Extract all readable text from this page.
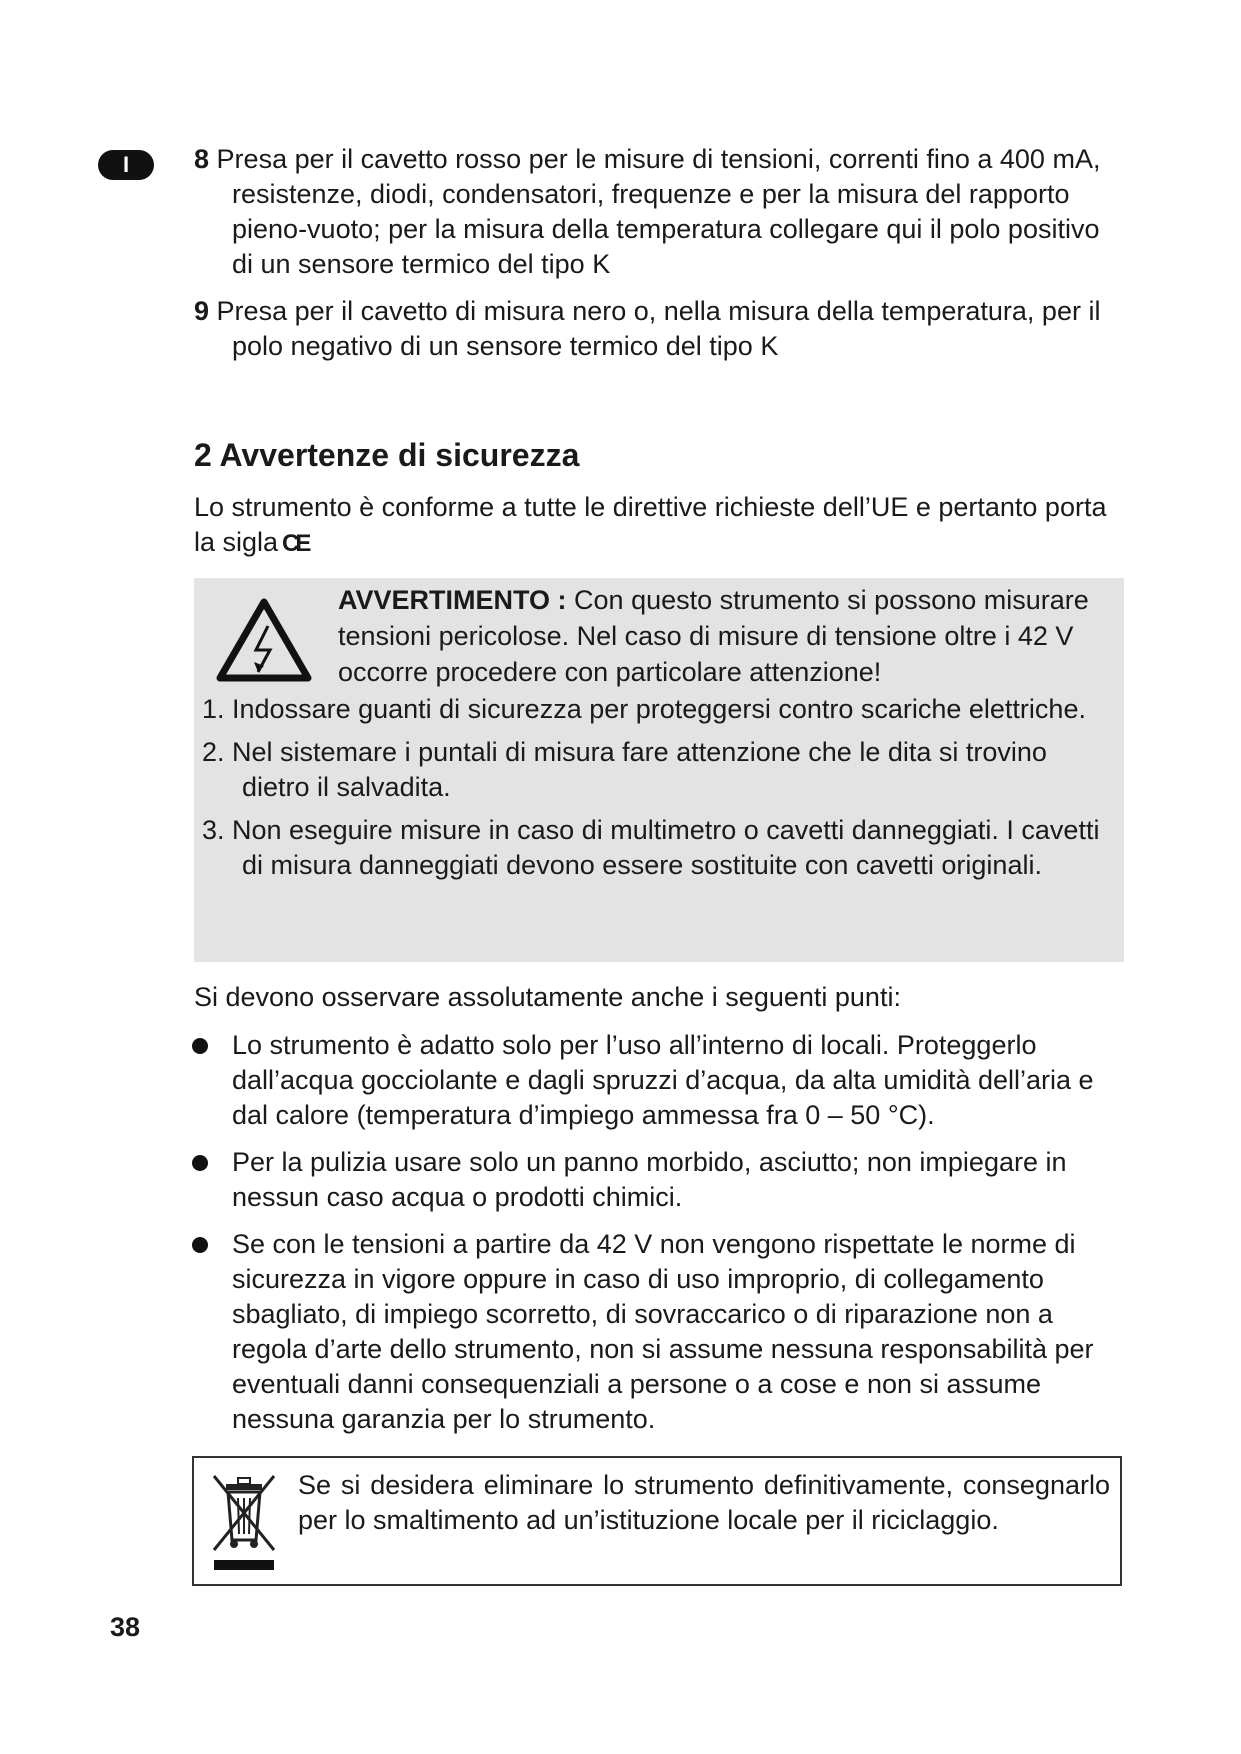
I	8 Presa per il cavetto rosso per le misure di tensioni, correnti fino a 400 mA, resistenze, diodi, condensatori, frequenze e per la misura del rapporto pieno-vuoto; per la misura della temperatura collegare qui il polo positivo di un sensore termico del tipo K

9 Presa per il cavetto di misura nero o, nella misura della temperatura, per il polo negativo di un sensore termico del tipo K

2 Avvertenze di sicurezza

Lo strumento è conforme a tutte le direttive richieste dell’UE e pertanto porta la sigla CE

AVVERTIMENTO : Con questo strumento si possono misurare tensioni pericolose. Nel caso di misure di tensione oltre i 42 V occorre procedere con particolare attenzione!

1. Indossare guanti di sicurezza per proteggersi contro scariche elettriche.
2. Nel sistemare i puntali di misura fare attenzione che le dita si trovino dietro il salvadita.
3. Non eseguire misure in caso di multimetro o cavetti danneggiati. I cavetti di misura danneggiati devono essere sostituite con cavetti originali.

Si devono osservare assolutamente anche i seguenti punti:

Lo strumento è adatto solo per l’uso all’interno di locali. Proteggerlo dall’acqua gocciolante e dagli spruzzi d’acqua, da alta umidità dell’aria e dal calore (temperatura d’impiego ammessa fra 0 – 50 °C).
Per la pulizia usare solo un panno morbido, asciutto; non impiegare in nessun caso acqua o prodotti chimici.
Se con le tensioni a partire da 42 V non vengono rispettate le norme di sicurezza in vigore oppure in caso di uso improprio, di collegamento sbagliato, di impiego scorretto, di sovraccarico o di riparazione non a regola d’arte dello strumento, non si assume nessuna responsabilità per eventuali danni consequenziali a persone o a cose e non si assume nessuna garanzia per lo strumento.

Se si desidera eliminare lo strumento definitivamente, consegnarlo per lo smaltimento ad un’istituzione locale per il riciclaggio.

38
